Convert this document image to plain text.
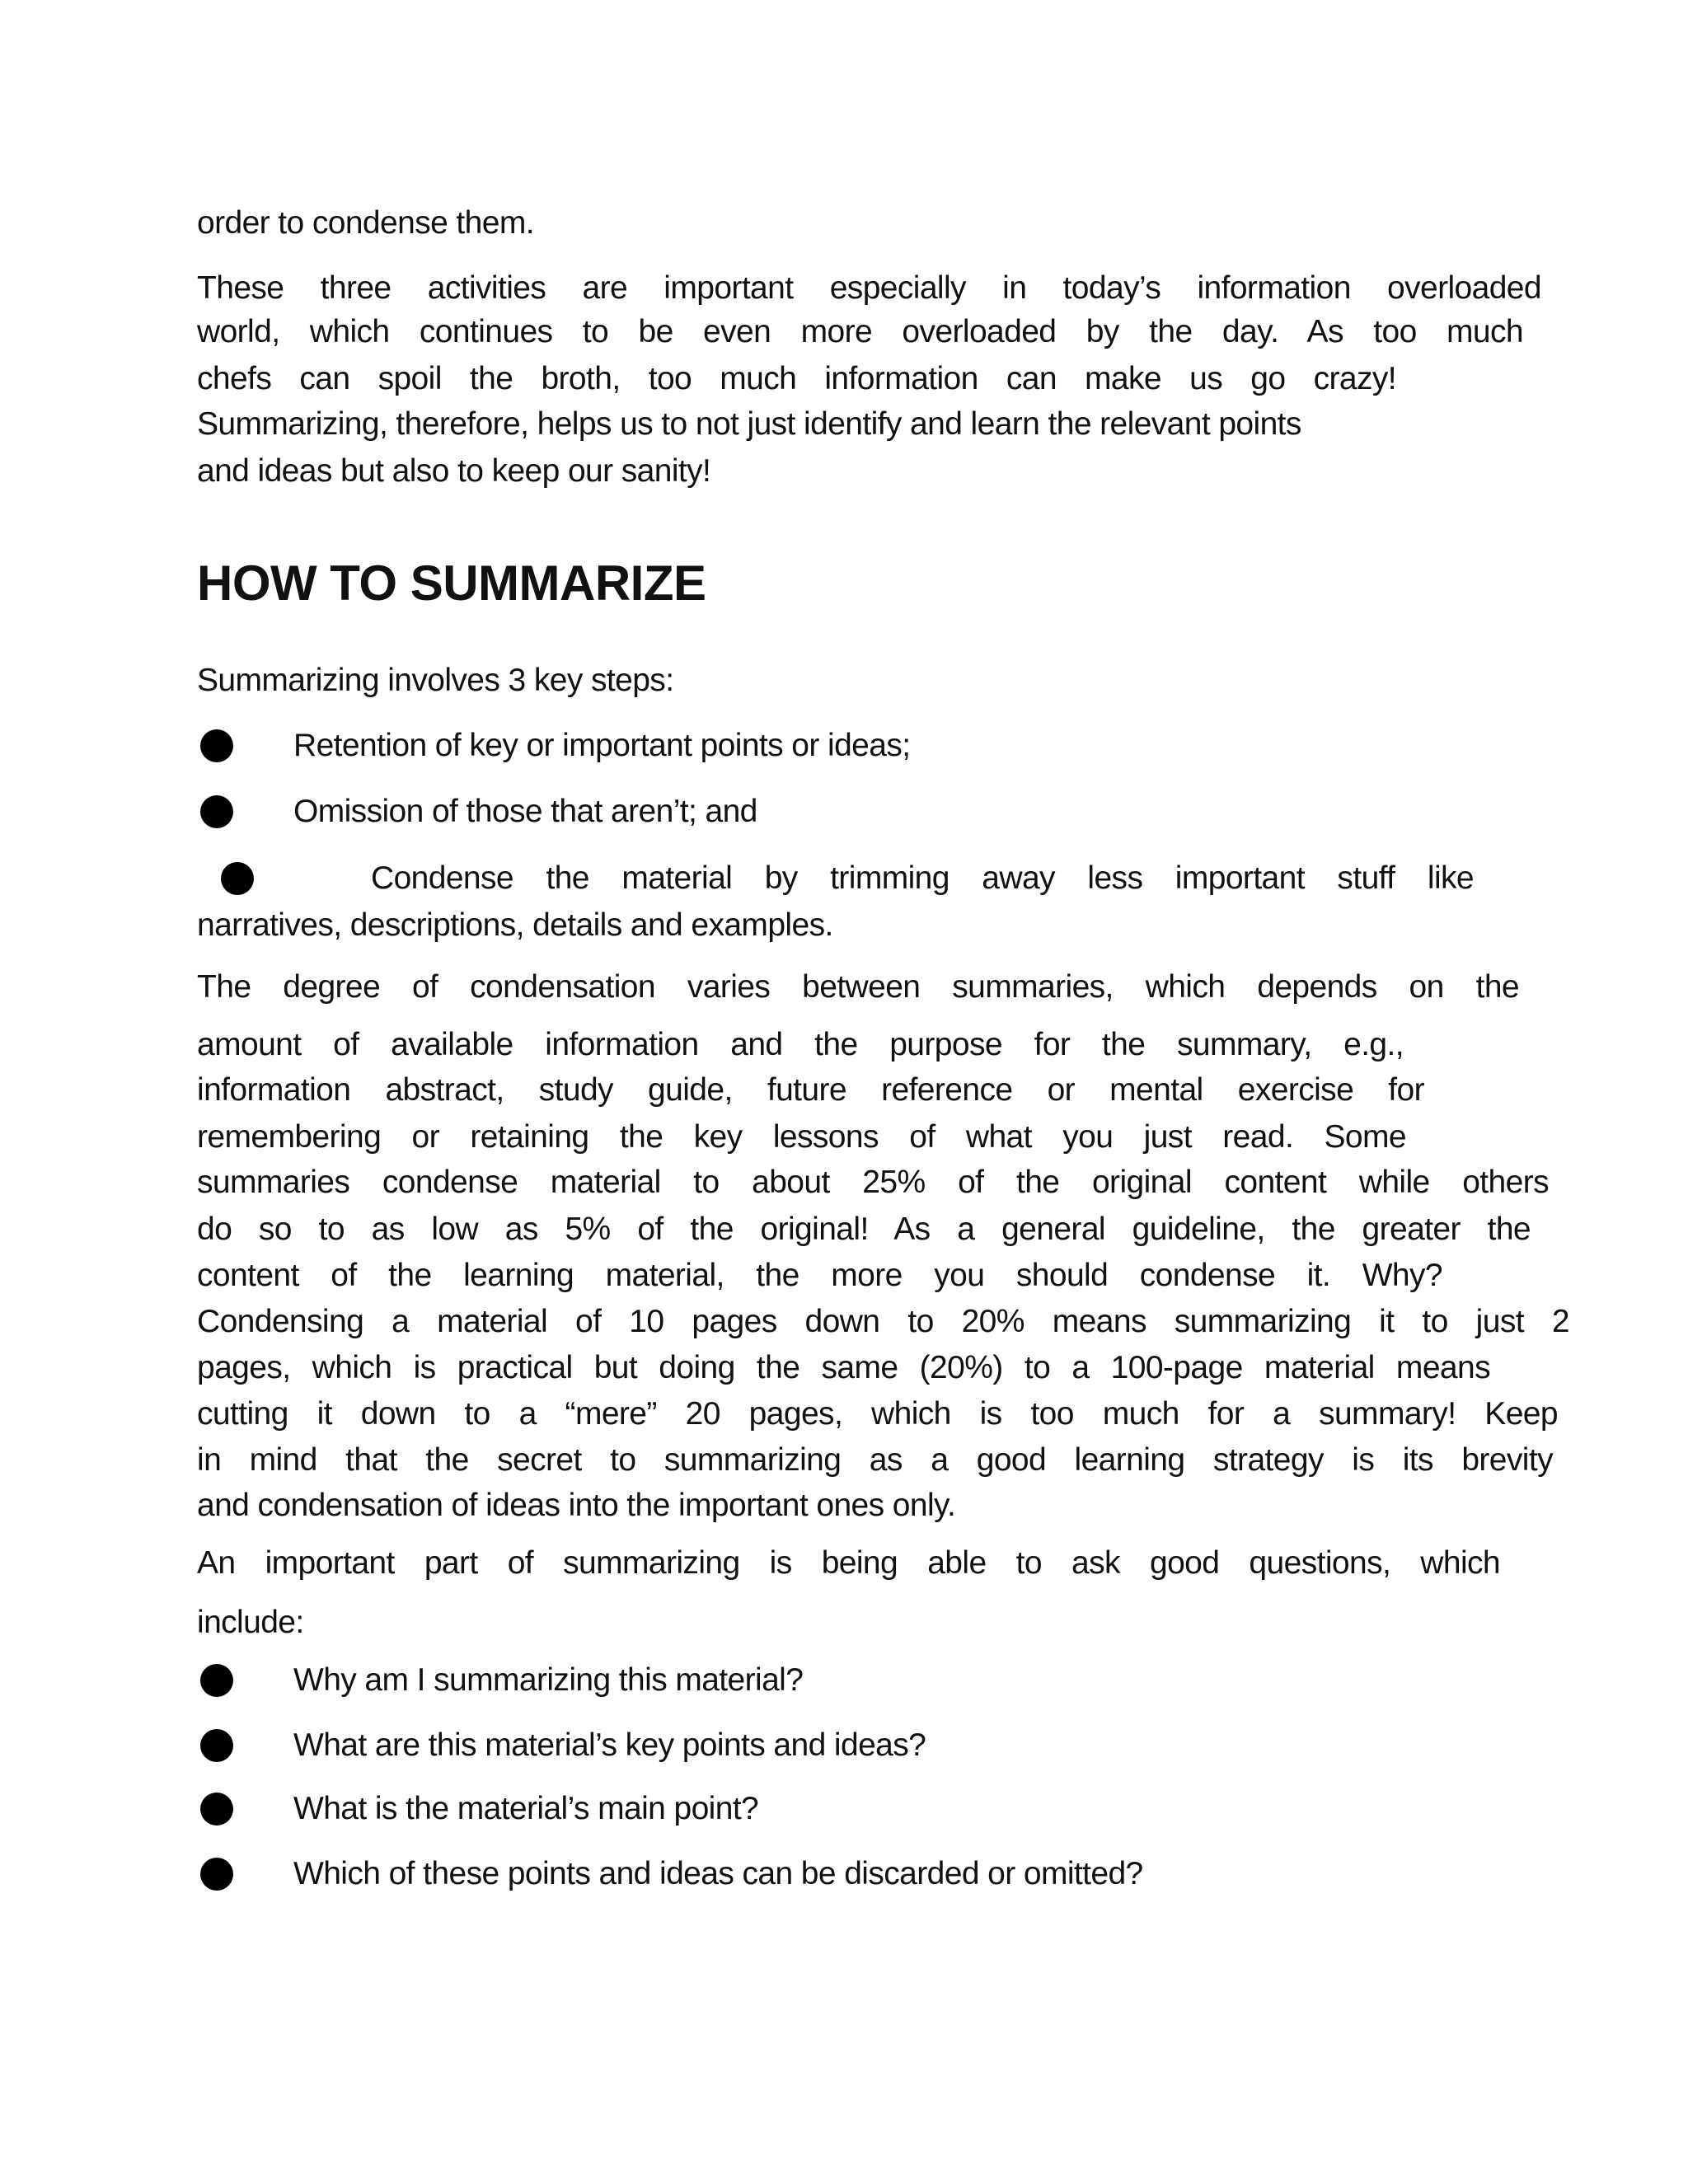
order to condense them.
These three activities are important especially in today’s information overloaded
world, which continues to be even more overloaded by the day. As too much
chefs can spoil the broth, too much information can make us go crazy!
Summarizing, therefore, helps us to not just identify and learn the relevant points
and ideas but also to keep our sanity!
HOW TO SUMMARIZE
Summarizing involves 3 key steps:
Retention of key or important points or ideas;
Omission of those that aren’t; and
Condense the material by trimming away less important stuff like
narratives, descriptions, details and examples.
The degree of condensation varies between summaries, which depends on the
amount of available information and the purpose for the summary, e.g.,
information abstract, study guide, future reference or mental exercise for
remembering or retaining the key lessons of what you just read. Some
summaries condense material to about 25% of the original content while others
do so to as low as 5% of the original! As a general guideline, the greater the
content of the learning material, the more you should condense it. Why?
Condensing a material of 10 pages down to 20% means summarizing it to just 2
pages, which is practical but doing the same (20%) to a 100-page material means
cutting it down to a “mere” 20 pages, which is too much for a summary! Keep
in mind that the secret to summarizing as a good learning strategy is its brevity
and condensation of ideas into the important ones only.
An important part of summarizing is being able to ask good questions, which
include:
Why am I summarizing this material?
What are this material’s key points and ideas?
What is the material’s main point?
Which of these points and ideas can be discarded or omitted?
